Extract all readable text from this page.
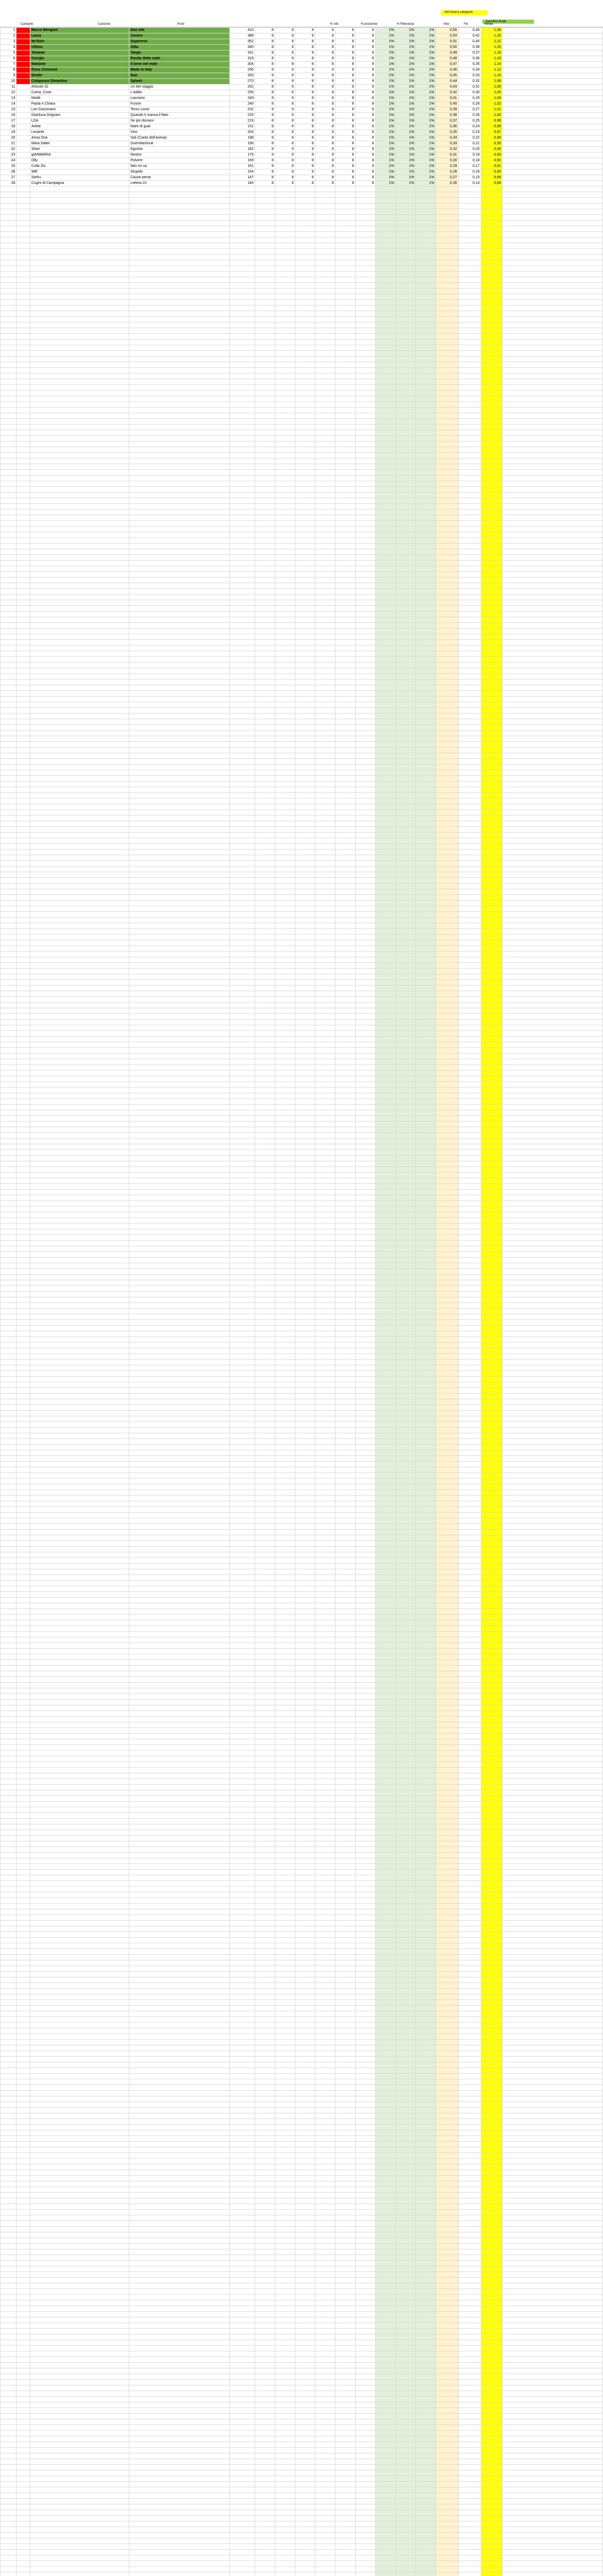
Voti finali e categorie
classifica finale
Cantante	Canzone	Punti	% voti	% posizione	% Rilevanza	Voto	Fin	Media
1		Marco Mengoni	Due vite	410	8	8	8	8	8	8	1%	1%	1%	0,55	0,46	1,28	
2		Lazza	Cenere	388	8	8	8	8	8	8	1%	1%	1%	0,53	0,42	1,25	
3		Mr.Rain	Supereroi	352	8	8	8	8	8	8	1%	1%	1%	0,51	0,40	1,22	
4		Ultimo	Alba	340	8	8	8	8	8	8	1%	1%	1%	0,50	0,38	1,20	
5		Tananai	Tango	331	8	8	8	8	8	8	1%	1%	1%	0,49	0,37	1,18	
6		Giorgia	Parole dette male	318	8	8	8	8	8	8	1%	1%	1%	0,48	0,36	1,16	
7		Madame	Il bene nel male	304	8	8	8	8	8	8	1%	1%	1%	0,47	0,35	1,14	
8		Rosa Chemical	Made in Italy	296	8	8	8	8	8	8	1%	1%	1%	0,46	0,34	1,12	
9		Elodie	Due	283	8	8	8	8	8	8	1%	1%	1%	0,45	0,33	1,10	
10		Colapesce Dimartino	Splash	270	8	8	8	8	8	8	1%	1%	1%	0,44	0,32	1,08	
11		Articolo 31	Un bel viaggio	262	8	8	8	8	8	8	1%	1%	1%	0,43	0,31	1,06	
12		Coma_Cose	L'addio	255	8	8	8	8	8	8	1%	1%	1%	0,42	0,30	1,05	
13		Modà	Lasciami	249	8	8	8	8	8	8	1%	1%	1%	0,41	0,29	1,04	
14		Paola e Chiara	Furore	240	8	8	8	8	8	8	1%	1%	1%	0,40	0,28	1,02	
15		Leo Gassmann	Terzo cuore	232	8	8	8	8	8	8	1%	1%	1%	0,39	0,27	1,01	
16		Gianluca Grignani	Quando ti manca il fiato	225	8	8	8	8	8	8	1%	1%	1%	0,38	0,26	1,00	
17		LDA	Se poi domani	219	8	8	8	8	8	8	1%	1%	1%	0,37	0,25	0,99	
18		Ariete	Mare di guai	211	8	8	8	8	8	8	1%	1%	1%	0,36	0,24	0,98	
19		Levante	Vivo	204	8	8	8	8	8	8	1%	1%	1%	0,35	0,23	0,97	
20		Anna Oxa	Sali (Canto dell'anima)	198	8	8	8	8	8	8	1%	1%	1%	0,34	0,22	0,96	
21		Mara Sattei	Duemilaminuti	190	8	8	8	8	8	8	1%	1%	1%	0,33	0,21	0,95	
22		Shari	Egoista	182	8	8	8	8	8	8	1%	1%	1%	0,32	0,20	0,94	
23		gIANMARIA	Mostro	176	8	8	8	8	8	8	1%	1%	1%	0,31	0,19	0,93	
24		Olly	Polvere	169	8	8	8	8	8	8	1%	1%	1%	0,30	0,18	0,92	
25		Colla Zio	Non mi va	161	8	8	8	8	8	8	1%	1%	1%	0,29	0,17	0,91	
26		Will	Stupido	154	8	8	8	8	8	8	1%	1%	1%	0,28	0,16	0,90	
27		Sethu	Cause perse	147	8	8	8	8	8	8	1%	1%	1%	0,27	0,15	0,89	
28		Cugini di Campagna	Lettera 22	140	8	8	8	8	8	8	1%	1%	1%	0,26	0,14	0,88	
